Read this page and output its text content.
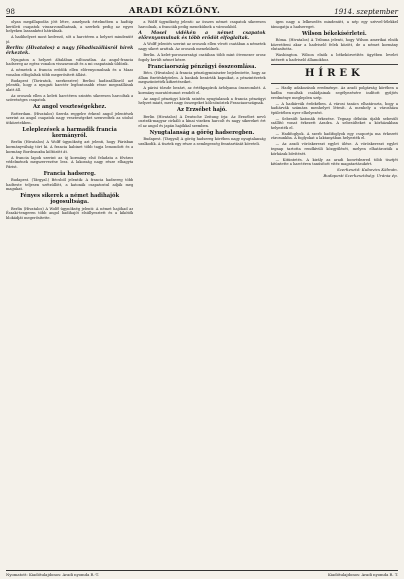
98	ARADI KÖZLÖNY.	1914. szeptember

olyan megállapodás jött létre, amelynek értelmében a hadtáp kerületi csapatok visszavonulhatnak, a szerbek pedig az egyes helyeken lassanként hátrálnak.

A hadihelyzet most kedvező, sőt a harctéren a helyzet mindenütt jó.

Berlin: (Hivatalos) a nagy főhadiszállásról hírek érkeztek.

Nyugaton a helyzet általában változatlan. Az angol-francia hadsereg az egész vonalon visszavonult és a mi csapataink üldözik.

A németek a francia erődök ellen előrenyomulnak és a Maas vonalon elfoglaltak több megerősített állást.

Budapest (Táviratok, szerkesztve) Berlini hadiszállásról azt jelentik, hogy a nyugati harctér legfontosabb része megszállásuk alatt áll.

Az oroszok ellen a keleti harctéren szintén sikeresen harcoltak a szövetséges csapatok.

Az angol veszteségekhez.

Rotterdam. (Hivatalos) Szerda reggelre érkező angol jelentések szerint az angol csapatok nagy veszteségeket szenvedtek az utolsó ütközetekben.

Leleplezések a harmadik francia kormányról.

Berlin (Hivatalos) A Wolff ügynökség azt jelenti, hogy Párisban kormányválság tört ki. A francia kabinet több tagja lemondott és a kormány Bordeauxba költözött át.

A francia lapok szerint az új kormány első feladata a főváros védelmének megszervezése lesz. A lakosság nagy része elhagyta Párist.

Francia hadsereg.

Budapest. (Tárgyal.) Bécsből jelentik: A francia hadsereg több hadteste teljesen szétzüllött, a katonák csapatostul adják meg magukat.

Fényes sikerek a német hadihajók jogosultsága.

Berlin (Hivatalos) A Wolff ügynökség jelenti: A német hajóhad az Északi-tengeren több angol hadihajót elsüllyesztett és a kikötők blokádját megerősítette.

a Wolff ügynökség jelenti: az összes német csapatok sikeresen harcolnak, a franciák pedig menekülnek a városokból.

A Mosel vidékén a német csapatok előrenyomulnak és több erődöt elfoglaltak.

A Wolff jelentés szerint az oroszok ellen vívott csatában a németek nagy sikert arattak. Az oroszok menekülnek.

Berlin. A kelet-poroszországi csatában több mint ötvenezer orosz fogoly került német kézre.

Franciaország pénzügyi összeomlása.

Bécs. (Hivatalos) A francia pénzügyminiszter bejelentette, hogy az állam fizetésképtelen. A bankok bezárták kapuikat, a pénzintézetek megszüntették kifizetéseiket.

A párisi tőzsde bezárt, az értékpapírok árfolyama összeomlott. A kormány moratóriumot rendelt el.

Az angol pénzügyi körök szintén nyugtalanok a francia pénzügyi helyzet miatt, mert nagy összegeket kölcsönöztek Franciaországnak.

Az Erzsébet hajó.

Berlin (Hivatalos) A Deutsche Zeitung írja: Az Erzsébet nevű osztrák-magyar cirkáló a kínai vizeken harcolt és nagy sikereket ért el az angol és japán hajókkal szemben.

Nyugtalanság a görög hadseregben.

Budapest. (Tárgyal) A görög hadsereg körében nagy nyugtalanság uralkodik. A tisztek egy része a semlegesség fenntartását követeli.

igen nagy a lelkesedés mindenütt, a nép egy szívvel-lélekkel támogatja a hadsereget.

Wilson békekísérletei.

Róma. (Hivatalos) A Tribuna jelenti, hogy Wilson amerikai elnök közvetíteni akar a hadviselő felek között, de a német kormány elutasította.

Washington. Wilson elnök a békeközvetítés ügyében levelet intézett a hadviselő államokhoz.

HÍREK

— Hadiy adakozások eredménye. Az aradi polgárság körében a hadba vonultak családjainak segélyezésére indított gyűjtés eredménye meglepően szép.

— A hadiárvák érdekében. A városi tanács elhatározta, hogy a hadiárvák számára menhelyet létesít. A menhely a városháza épületében nyer elhelyezést.

— Sebesült katonák érkezése. Tegnap délután újabb sebesült szállító vonat érkezett Aradra. A sebesülteket a kórházakban helyezték el.

— Hadifoglyok. A szerb hadifoglyok egy csoportja ma érkezett városunkba. A foglyokat a laktanyában helyezték el.

— Az aradi vöröskereszt egylet ülése. A vöröskereszt egylet tegnap tartotta rendkívüli közgyűlését, melyen elhatározták a kórházak bővítését.

— Kitüntetés. A király az aradi honvédezred több tisztjét kitüntette a harctéren tanúsított vitéz magatartásukért.

Szerkesztő: Kubovics Kálmán.

Budapesti Szerkesztőség: Uránia ép.

Nyomatott: Kiadótulajdonos: Aradi nyomda R.-T.	Kiadótulajdonos: Aradi nyomda R. T.
